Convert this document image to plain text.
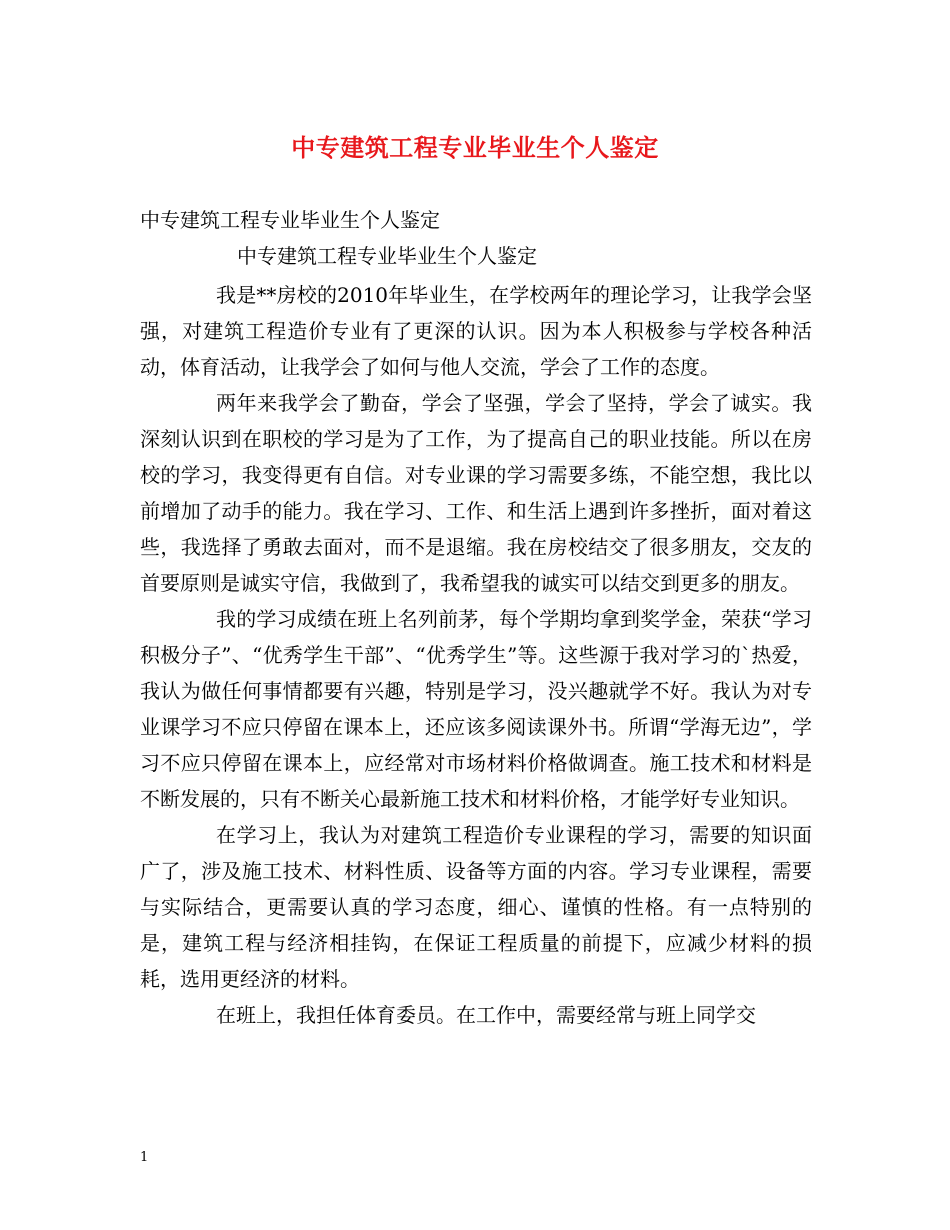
中专建筑工程专业毕业生个人鉴定
中专建筑工程专业毕业生个人鉴定
中专建筑工程专业毕业生个人鉴定

我是**房校的2010年毕业生，在学校两年的理论学习，让我学会坚强，对建筑工程造价专业有了更深的认识。因为本人积极参与学校各种活动，体育活动，让我学会了如何与他人交流，学会了工作的态度。

两年来我学会了勤奋，学会了坚强，学会了坚持，学会了诚实。我深刻认识到在职校的学习是为了工作，为了提高自己的职业技能。所以在房校的学习，我变得更有自信。对专业课的学习需要多练，不能空想，我比以前增加了动手的能力。我在学习、工作、和生活上遇到许多挫折，面对着这些，我选择了勇敢去面对，而不是退缩。我在房校结交了很多朋友，交友的首要原则是诚实守信，我做到了，我希望我的诚实可以结交到更多的朋友。

我的学习成绩在班上名列前茅，每个学期均拿到奖学金，荣获“学习积极分子”、“优秀学生干部”、“优秀学生”等。这些源于我对学习的`热爱，我认为做任何事情都要有兴趣，特别是学习，没兴趣就学不好。我认为对专业课学习不应只停留在课本上，还应该多阅读课外书。所谓“学海无边”，学习不应只停留在课本上，应经常对市场材料价格做调查。施工技术和材料是不断发展的，只有不断关心最新施工技术和材料价格，才能学好专业知识。

在学习上，我认为对建筑工程造价专业课程的学习，需要的知识面广了，涉及施工技术、材料性质、设备等方面的内容。学习专业课程，需要与实际结合，更需要认真的学习态度，细心、谨慎的性格。有一点特别的是，建筑工程与经济相挂钩，在保证工程质量的前提下，应减少材料的损耗，选用更经济的材料。

在班上，我担任体育委员。在工作中，需要经常与班上同学交

1
